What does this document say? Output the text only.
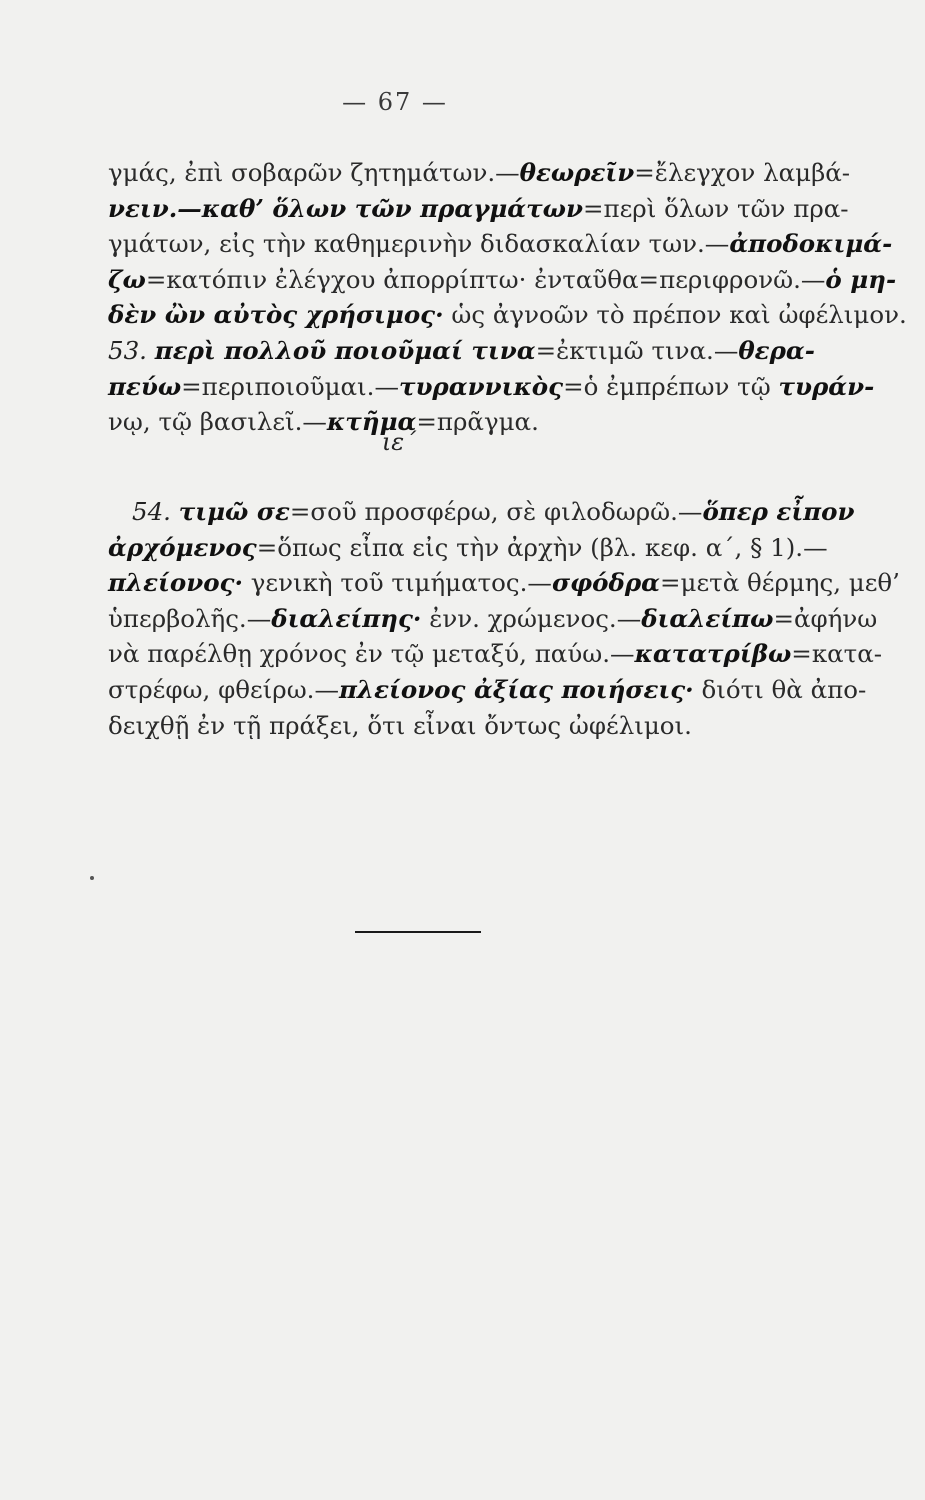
— 67 —
γμάς, ἐπὶ σοβαρῶν ζητημάτων.—θεωρεῖν=ἔλεγχον λαμβά-
νειν.—καθ’ ὅλων τῶν πραγμάτων=περὶ ὅλων τῶν πρα-
γμάτων, εἰς τὴν καθημερινὴν διδασκαλίαν των.—ἀποδοκιμά-
ζω=κατόπιν ἐλέγχου ἀπορρίπτω· ἐνταῦθα=περιφρονῶ.—ὁ μη-
δὲν ὢν αὐτὸς χρήσιμος· ὡς ἀγνοῶν τὸ πρέπον καὶ ὠφέλιμον.
53. περὶ πολλοῦ ποιοῦμαί τινα=ἐκτιμῶ τινα.—θερα-
πεύω=περιποιοῦμαι.—τυραννικὸς=ὁ ἐμπρέπων τῷ τυράν-
νῳ, τῷ βασιλεῖ.—κτῆμα=πρᾶγμα.
ιε΄
54. τιμῶ σε=σοῦ προσφέρω, σὲ φιλοδωρῶ.—ὅπερ εἶπον
ἀρχόμενος=ὅπως εἶπα εἰς τὴν ἀρχὴν (βλ. κεφ. α΄, § 1).—
πλείονος· γενικὴ τοῦ τιμήματος.—σφόδρα=μετὰ θέρμης, μεθ’
ὑπερβολῆς.—διαλείπης· ἐνν. χρώμενος.—διαλείπω=ἀφήνω
νὰ παρέλθῃ χρόνος ἐν τῷ μεταξύ, παύω.—κατατρίβω=κατα-
στρέφω, φθείρω.—πλείονος ἀξίας ποιήσεις· διότι θὰ ἀπο-
δειχθῇ ἐν τῇ πράξει, ὅτι εἶναι ὄντως ὠφέλιμοι.
